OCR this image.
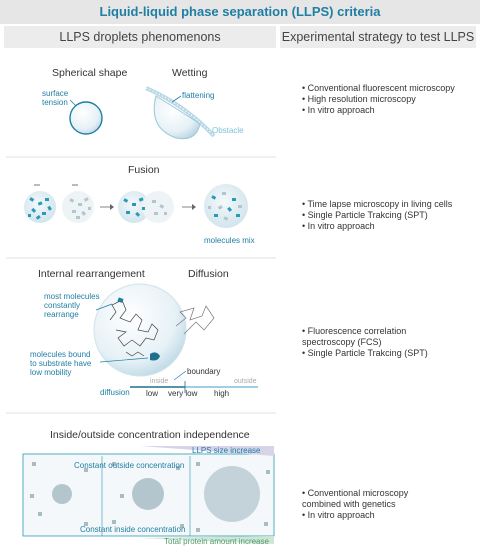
Liquid-liquid phase separation (LLPS) criteria
LLPS droplets phenomenons	Experimental strategy to test LLPS
Spherical shape	Wetting
surface
tension
flattening
Obstacle
Fusion
molecules mix
Internal rearrangement	Diffusion
most molecules
constantly
rearrange
molecules bound
to substrate have
low mobility	boundary
inside	outside
diffusion low very low high
Inside/outside concentration independence
LLPS size increase
Constant outside concentration
Constant inside concentration
Total protein amount increase
• Conventional fluorescent microscopy
• High resolution microscopy
• In vitro approach
• Time lapse microscopy in living cells
• Single Particle Trakcing (SPT)
• In vitro approach
• Fluorescence correlation
spectroscopy (FCS)
• Single Particle Trakcing (SPT)
• Conventional microscopy
combined with genetics
• In vitro approach
